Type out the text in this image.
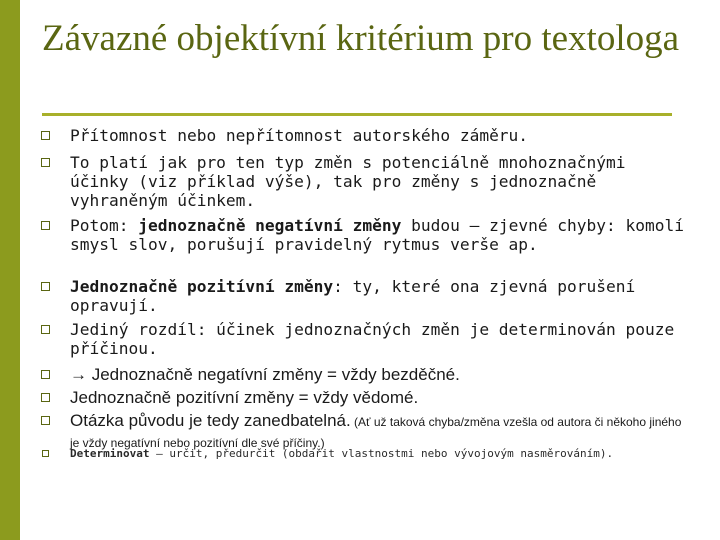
Závazné objektívní kritérium pro textologa
Přítomnost nebo nepřítomnost autorského záměru.
To platí jak pro ten typ změn s potenciálně mnohoznačnými účinky (viz příklad výše), tak pro změny s jednoznačně vyhraněným účinkem.
Potom: jednoznačně negatívní změny budou – zjevné chyby: komolí smysl slov, porušují pravidelný rytmus verše ap.
Jednoznačně pozitívní změny: ty, které ona zjevná porušení opravují.
Jediný rozdíl: účinek jednoznačných změn je determinován pouze příčinou.
→ Jednoznačně negatívní změny = vždy bezděčné.
Jednoznačně pozitívní změny = vždy vědomé.
Otázka původu je tedy zanedbatelná. (Ať už taková chyba/změna vzešla od autora či někoho jiného je vždy negatívní nebo pozitívní dle své příčiny.)
Determinovat – určit, předurčit (obdařit vlastnostmi nebo vývojovým nasměrováním).
